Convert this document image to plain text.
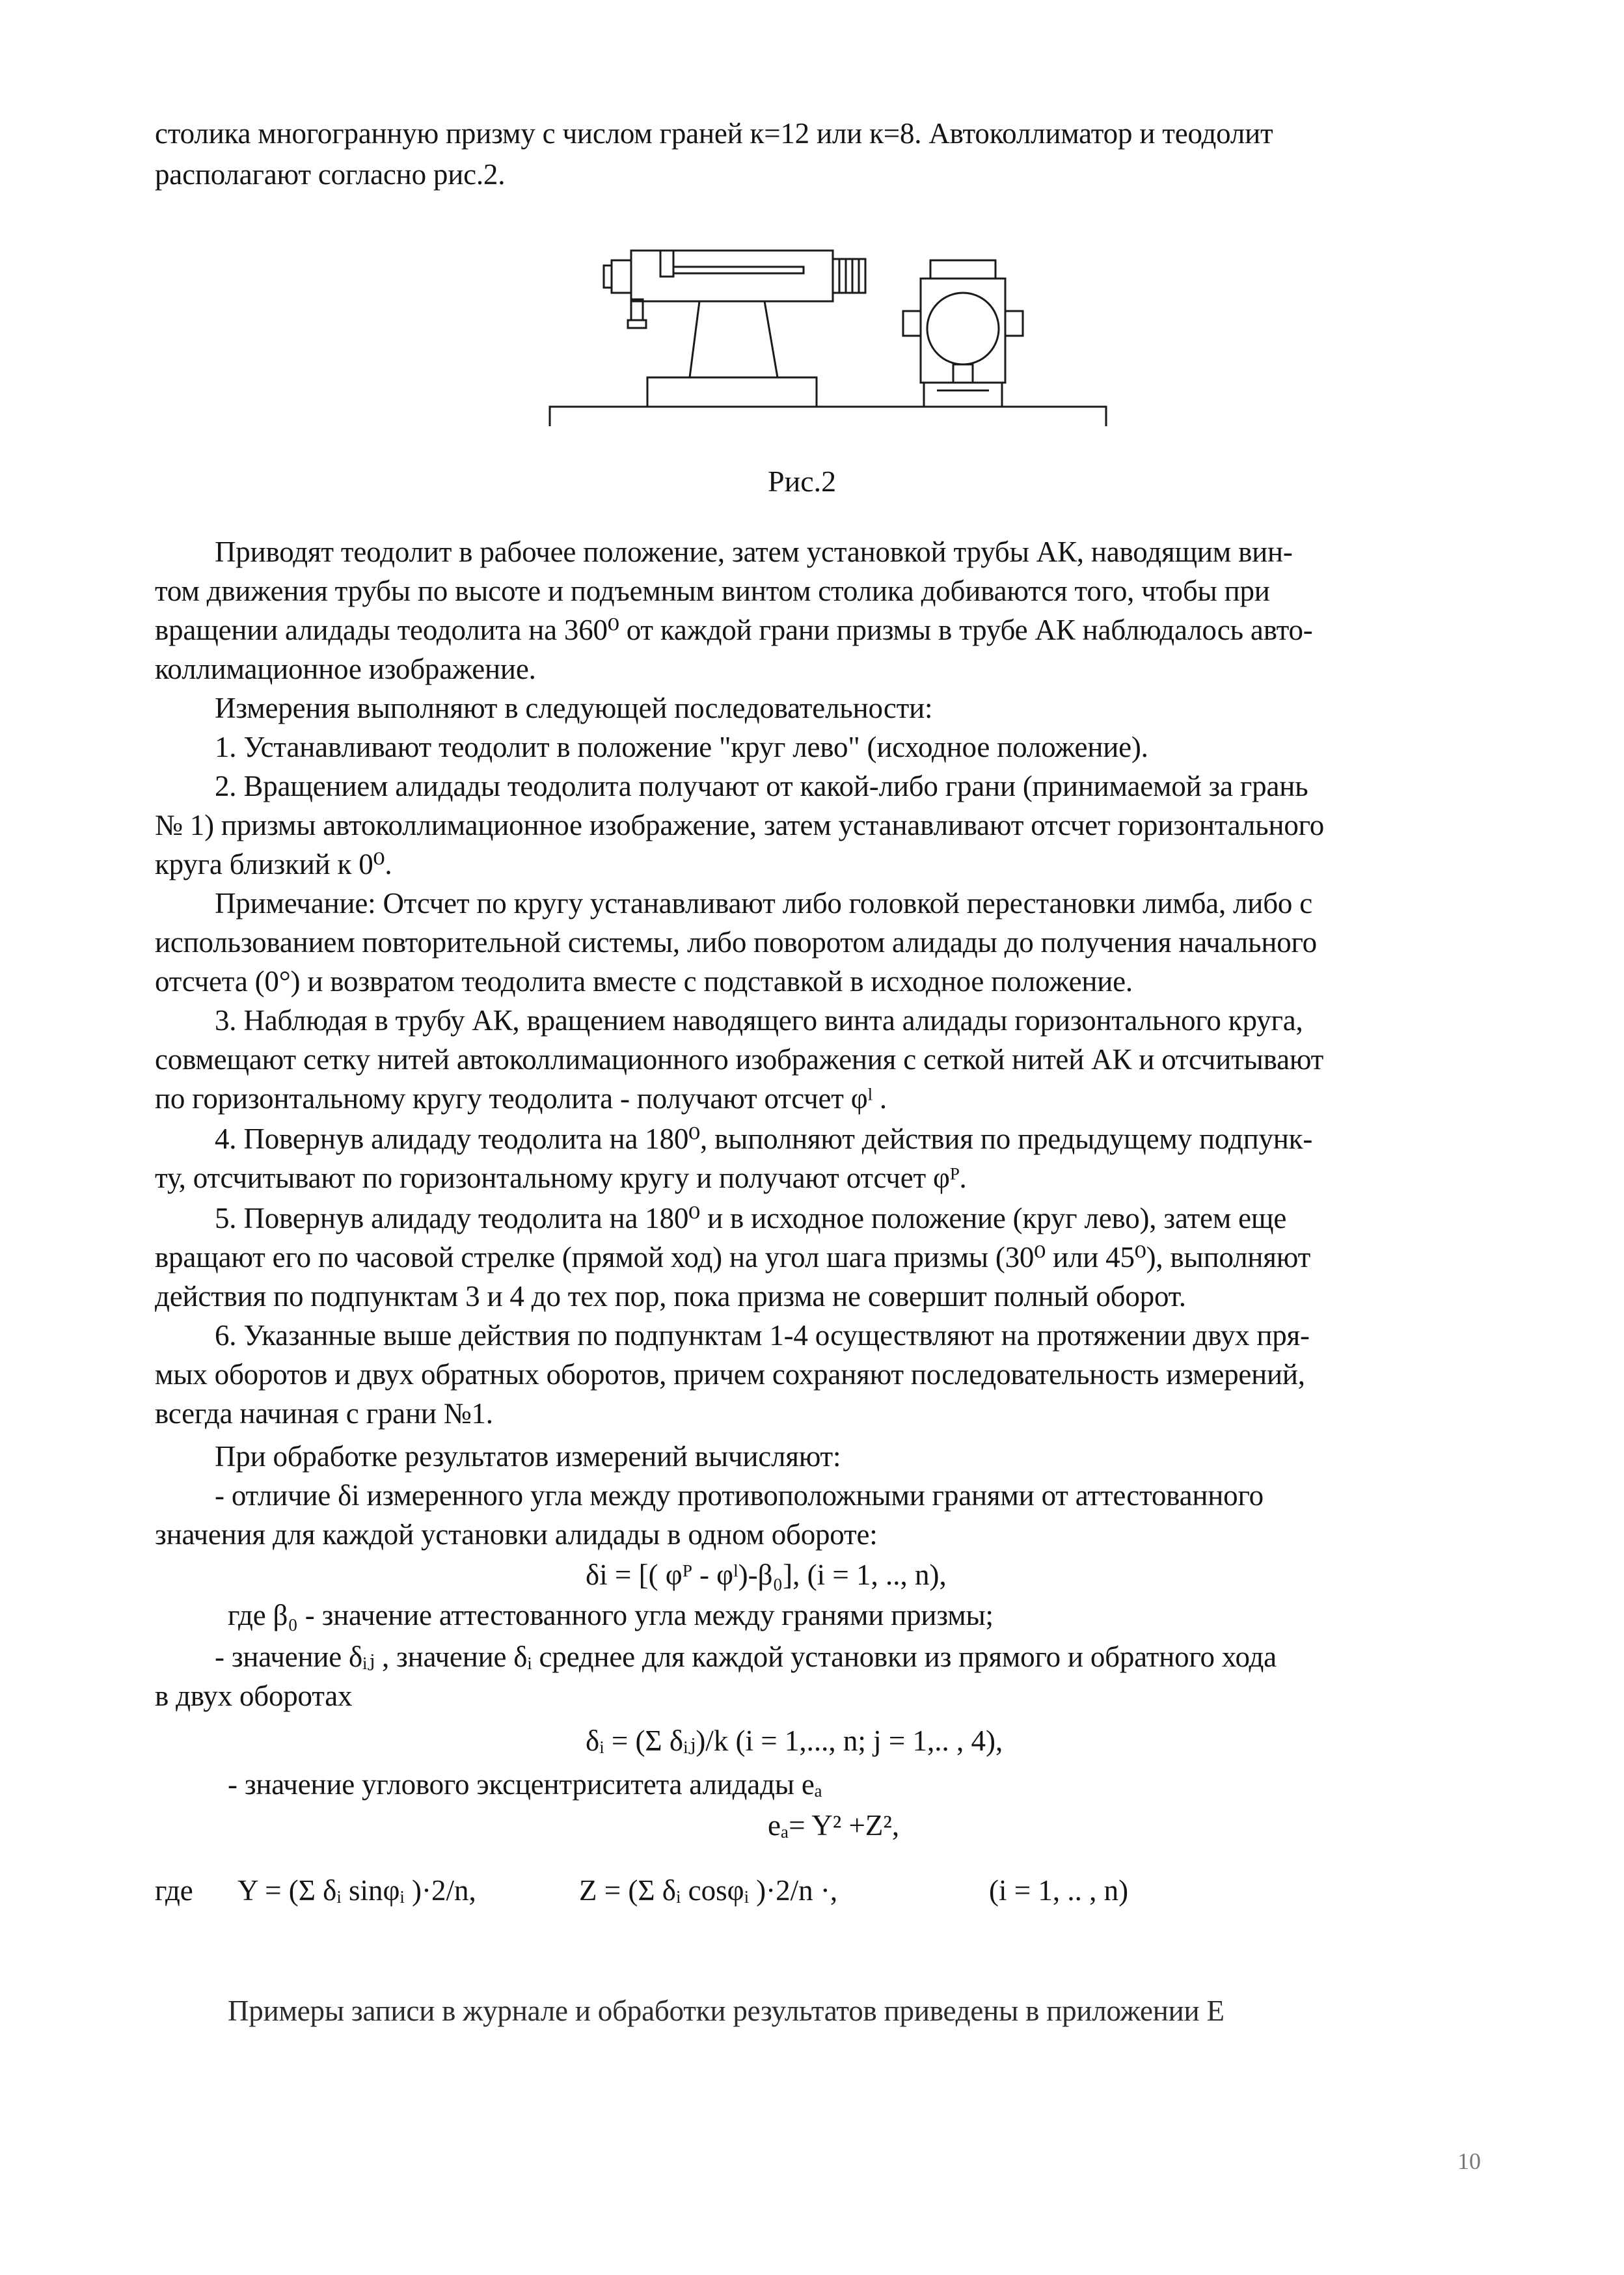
столика многогранную призму с числом граней к=12 или к=8. Автоколлиматор и теодолит
располагают согласно рис.2.
Рис.2
Приводят теодолит в рабочее положение, затем установкой трубы АК, наводящим вин-
том движения трубы по высоте и подъемным винтом столика добиваются того, чтобы при
вращении алидады теодолита на 360⁰ от каждой грани призмы в трубе АК наблюдалось авто-
коллимационное изображение.
Измерения выполняют в следующей последовательности:
1. Устанавливают теодолит в положение "круг лево" (исходное положение).
2. Вращением алидады теодолита получают от какой-либо грани (принимаемой за грань
№ 1) призмы автоколлимационное изображение, затем устанавливают отсчет горизонтального
круга близкий к 0⁰.
Примечание: Отсчет по кругу устанавливают либо головкой перестановки лимба, либо с
использованием повторительной системы, либо поворотом алидады до получения начального
отсчета (0°) и возвратом теодолита вместе с подставкой в исходное положение.
3. Наблюдая в трубу АК, вращением наводящего винта алидады горизонтального круга,
совмещают сетку нитей автоколлимационного изображения с сеткой нитей АК и отсчитывают
по горизонтальному кругу теодолита - получают отсчет φˡ .
4. Повернув алидаду теодолита на 180⁰, выполняют действия по предыдущему подпунк-
ту, отсчитывают по горизонтальному кругу и получают отсчет φᴾ.
5. Повернув алидаду теодолита на 180⁰ и в исходное положение (круг лево), затем еще
вращают его по часовой стрелке (прямой ход) на угол шага призмы (30⁰ или 45⁰), выполняют
действия по подпунктам 3 и 4 до тех пор, пока призма не совершит полный оборот.
6. Указанные выше действия по подпунктам 1-4 осуществляют на протяжении двух пря-
мых оборотов и двух обратных оборотов, причем сохраняют последовательность измерений,
всегда начиная с грани №1.
При обработке результатов измерений вычисляют:
- отличие δi измеренного угла между противоположными гранями от аттестованного
значения для каждой установки алидады в одном обороте:
δi = [( φᴾ - φˡ)-β₀], (i = 1, .., n),
где β₀ - значение аттестованного угла между гранями призмы;
- значение δᵢⱼ , значение δᵢ среднее для каждой установки из прямого и обратного хода
в двух оборотах
δᵢ = (Σ δᵢⱼ)/k (i = 1,..., n; j = 1,.. , 4),
- значение углового эксцентриситета алидады eₐ
eₐ= Y² +Z²,
где Y = (Σ δᵢ sinφᵢ )·2/n,	Z = (Σ δᵢ cosφᵢ )·2/n ·,	(i = 1, .. , n)
Примеры записи в журнале и обработки результатов приведены в приложении Е
10
